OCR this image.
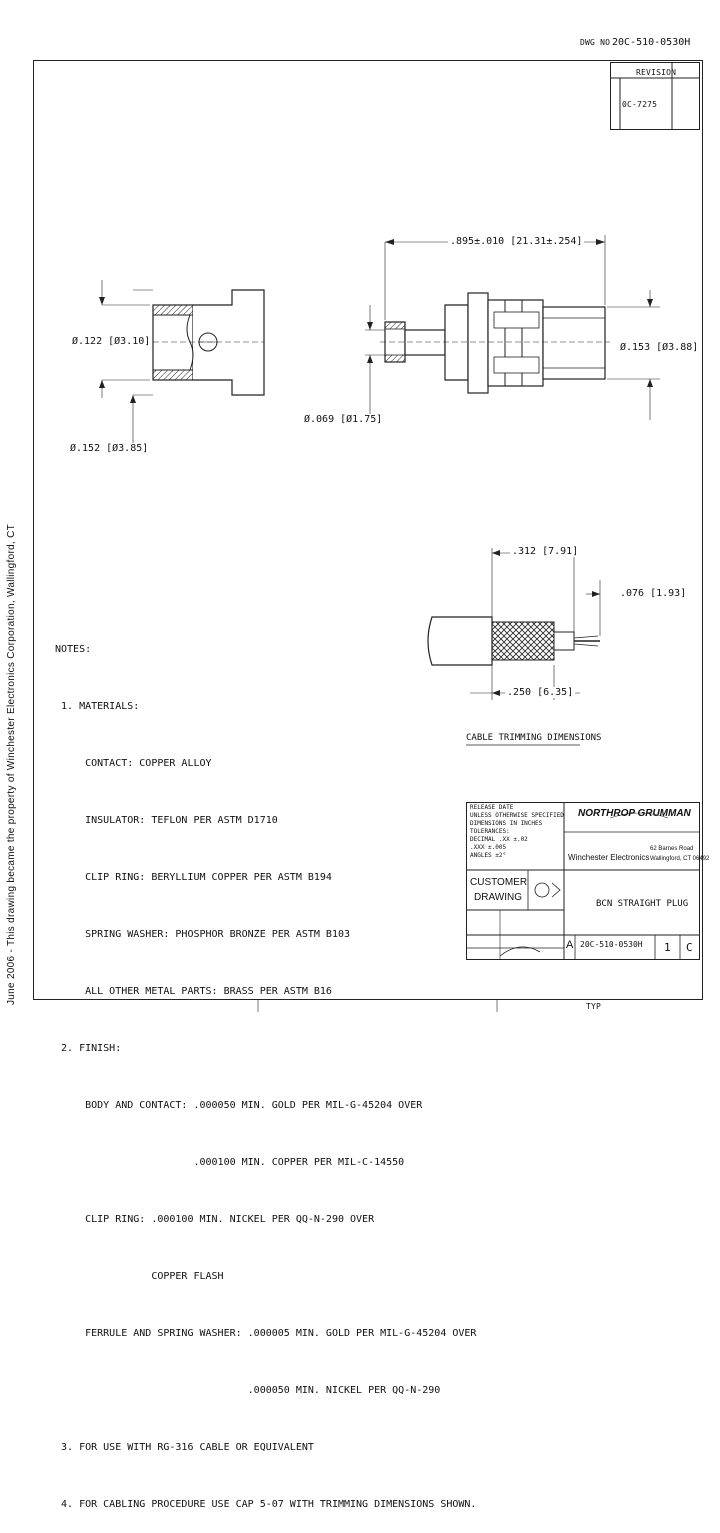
June 2006 - This drawing became the property of Winchester Electronics Corporation, Wallingford, CT
DWG NO 20C-510-0530H
REVISION
0C-7275
.895±.010 [21.31±.254]
Ø.122 [Ø3.10]
Ø.152 [Ø3.85]
Ø.069 [Ø1.75]
Ø.153 [Ø3.88]
.312 [7.91]
.076 [1.93]
.250 [6.35]
CABLE TRIMMING DIMENSIONS

NOTES:

1. MATERIALS:

CONTACT: COPPER ALLOY

INSULATOR: TEFLON PER ASTM D1710

CLIP RING: BERYLLIUM COPPER PER ASTM B194

SPRING WASHER: PHOSPHOR BRONZE PER ASTM B103

ALL OTHER METAL PARTS: BRASS PER ASTM B16

2. FINISH:

BODY AND CONTACT: .000050 MIN. GOLD PER MIL-G-45204 OVER

.000100 MIN. COPPER PER MIL-C-14550

CLIP RING: .000100 MIN. NICKEL PER QQ-N-290 OVER

COPPER FLASH

FERRULE AND SPRING WASHER: .000005 MIN. GOLD PER MIL-G-45204 OVER

.000050 MIN. NICKEL PER QQ-N-290

3. FOR USE WITH RG-316 CABLE OR EQUIVALENT

4. FOR CABLING PROCEDURE USE CAP 5-07 WITH TRIMMING DIMENSIONS SHOWN.

RELEASE DATE
UNLESS OTHERWISE SPECIFIED
DIMENSIONS IN INCHES
TOLERANCES:
DECIMAL .XX ±.02
.XXX ±.005
ANGLES ±2°
NORTHROP GRUMMAN
Winchester Electronics
62 Barnes Road
Wallingford, CT 06492
CUSTOMER DRAWING
BCN STRAIGHT PLUG
A 20C-510-0530H 1 C
TYP
